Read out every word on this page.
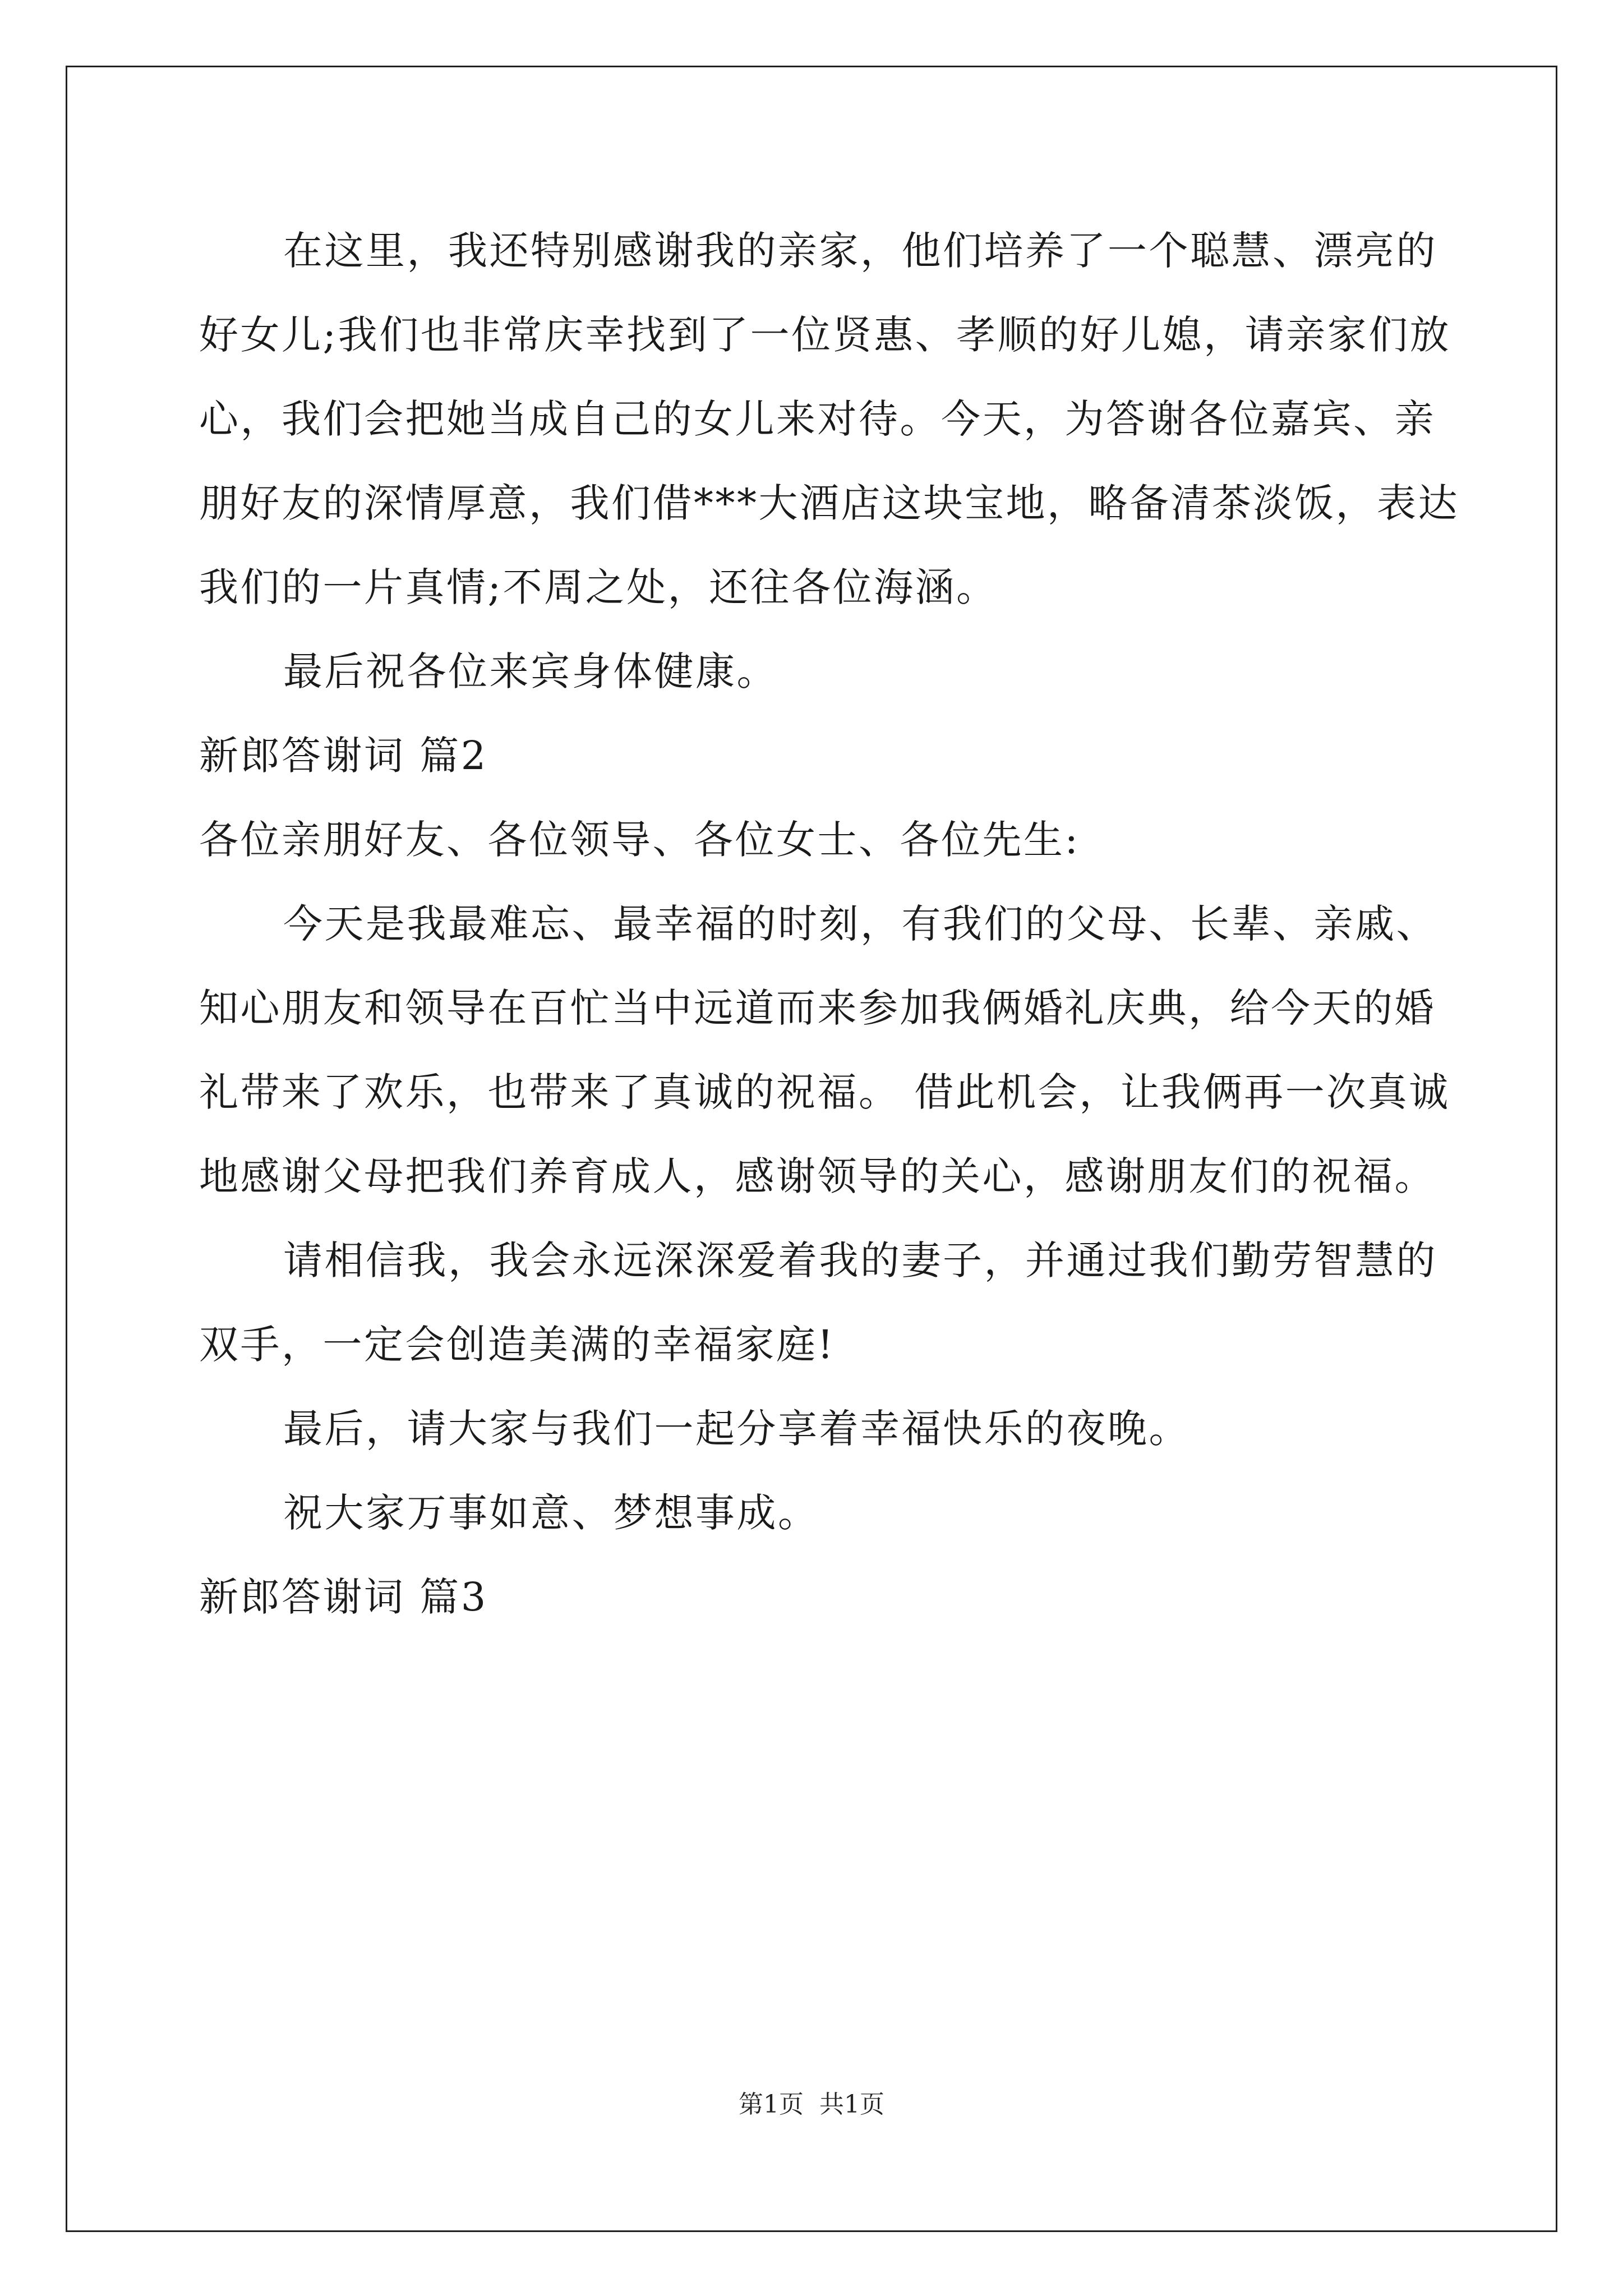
在这里，我还特别感谢我的亲家，他们培养了一个聪慧、漂亮的
好女儿;我们也非常庆幸找到了一位贤惠、孝顺的好儿媳，请亲家们放
心，我们会把她当成自己的女儿来对待。今天，为答谢各位嘉宾、亲
朋好友的深情厚意，我们借***大酒店这块宝地，略备清茶淡饭，表达
我们的一片真情;不周之处，还往各位海涵。
最后祝各位来宾身体健康。
新郎答谢词 篇2
各位亲朋好友、各位领导、各位女士、各位先生:
今天是我最难忘、最幸福的时刻，有我们的父母、长辈、亲戚、
知心朋友和领导在百忙当中远道而来参加我俩婚礼庆典，给今天的婚
礼带来了欢乐，也带来了真诚的祝福。 借此机会，让我俩再一次真诚
地感谢父母把我们养育成人，感谢领导的关心，感谢朋友们的祝福。
请相信我，我会永远深深爱着我的妻子，并通过我们勤劳智慧的
双手，一定会创造美满的幸福家庭!
最后，请大家与我们一起分享着幸福快乐的夜晚。
祝大家万事如意、梦想事成。
新郎答谢词 篇3
第1页 共1页
